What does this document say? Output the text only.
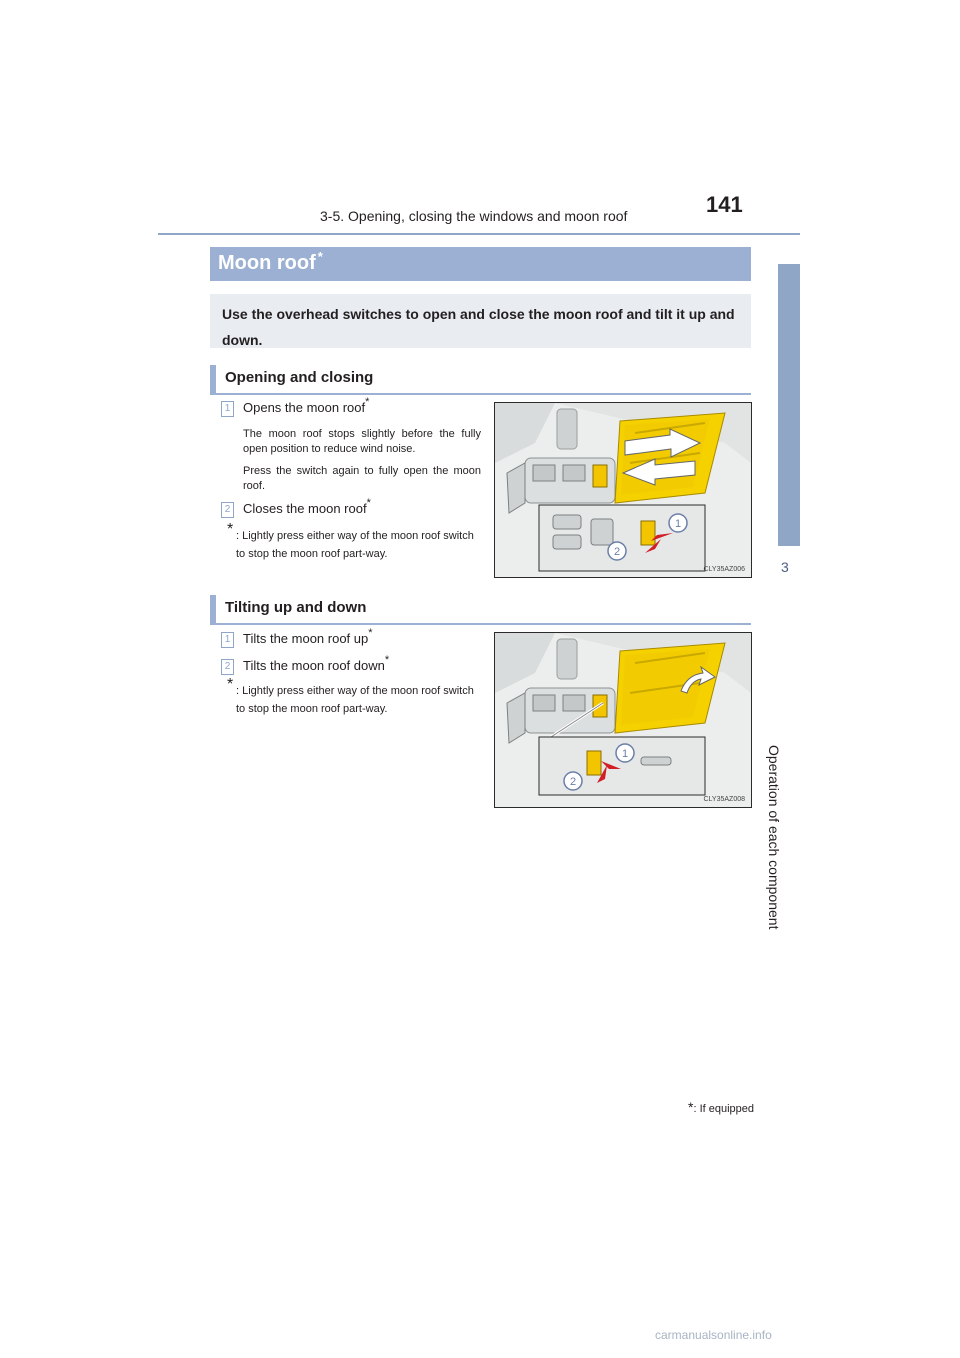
3-5. Opening, closing the windows and moon roof	141
3
Operation of each component
Moon roof *

Use the overhead switches to open and close the moon roof and tilt it up and down.

Opening and closing
1 Opens the moon roof*
The moon roof stops slightly before the fully open position to reduce wind noise.
Press the switch again to fully open the moon roof.
2 Closes the moon roof*
* : Lightly press either way of the moon roof switch to stop the moon roof part-way.
1
2
CLY35AZ006
Tilting up and down
1 Tilts the moon roof up*
2 Tilts the moon roof down*
* : Lightly press either way of the moon roof switch to stop the moon roof part-way.
1
2
CLY35AZ008
*: If equipped
carmanualsonline.info
